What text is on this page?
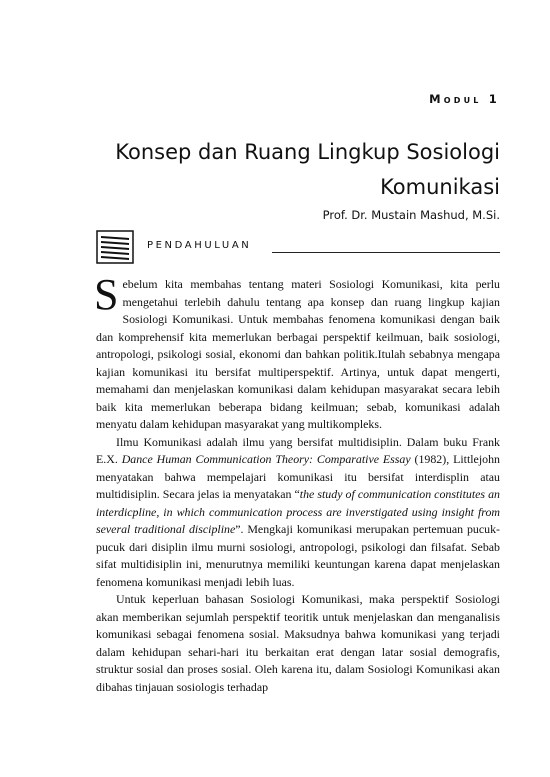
Modul 1
Konsep dan Ruang Lingkup Sosiologi
Komunikasi
Prof. Dr. Mustain Mashud, M.Si.
PENDAHULUAN

Sebelum kita membahas tentang materi Sosiologi Komunikasi, kita perlu mengetahui terlebih dahulu tentang apa konsep dan ruang lingkup kajian Sosiologi Komunikasi. Untuk membahas fenomena komunikasi dengan baik dan komprehensif kita memerlukan berbagai perspektif keilmuan, baik sosiologi, antropologi, psikologi sosial, ekonomi dan bahkan politik.Itulah sebabnya mengapa kajian komunikasi itu bersifat multiperspektif. Artinya, untuk dapat mengerti, memahami dan menjelaskan komunikasi dalam kehidupan masyarakat secara lebih baik kita memerlukan beberapa bidang keilmuan; sebab, komunikasi adalah menyatu dalam kehidupan masyarakat yang multikompleks.

Ilmu Komunikasi adalah ilmu yang bersifat multidisiplin. Dalam buku Frank E.X. Dance Human Communication Theory: Comparative Essay (1982), Littlejohn menyatakan bahwa mempelajari komunikasi itu bersifat interdisplin atau multidisiplin. Secara jelas ia menyatakan “the study of communication constitutes an interdicpline, in which communication process are inverstigated using insight from several traditional discipline”. Mengkaji komunikasi merupakan pertemuan pucuk-pucuk dari disiplin ilmu murni sosiologi, antropologi, psikologi dan filsafat. Sebab sifat multidisiplin ini, menurutnya memiliki keuntungan karena dapat menjelaskan fenomena komunikasi menjadi lebih luas.

Untuk keperluan bahasan Sosiologi Komunikasi, maka perspektif Sosiologi akan memberikan sejumlah perspektif teoritik untuk menjelaskan dan menganalisis komunikasi sebagai fenomena sosial. Maksudnya bahwa komunikasi yang terjadi dalam kehidupan sehari-hari itu berkaitan erat dengan latar sosial demografis, struktur sosial dan proses sosial. Oleh karena itu, dalam Sosiologi Komunikasi akan dibahas tinjauan sosiologis terhadap
